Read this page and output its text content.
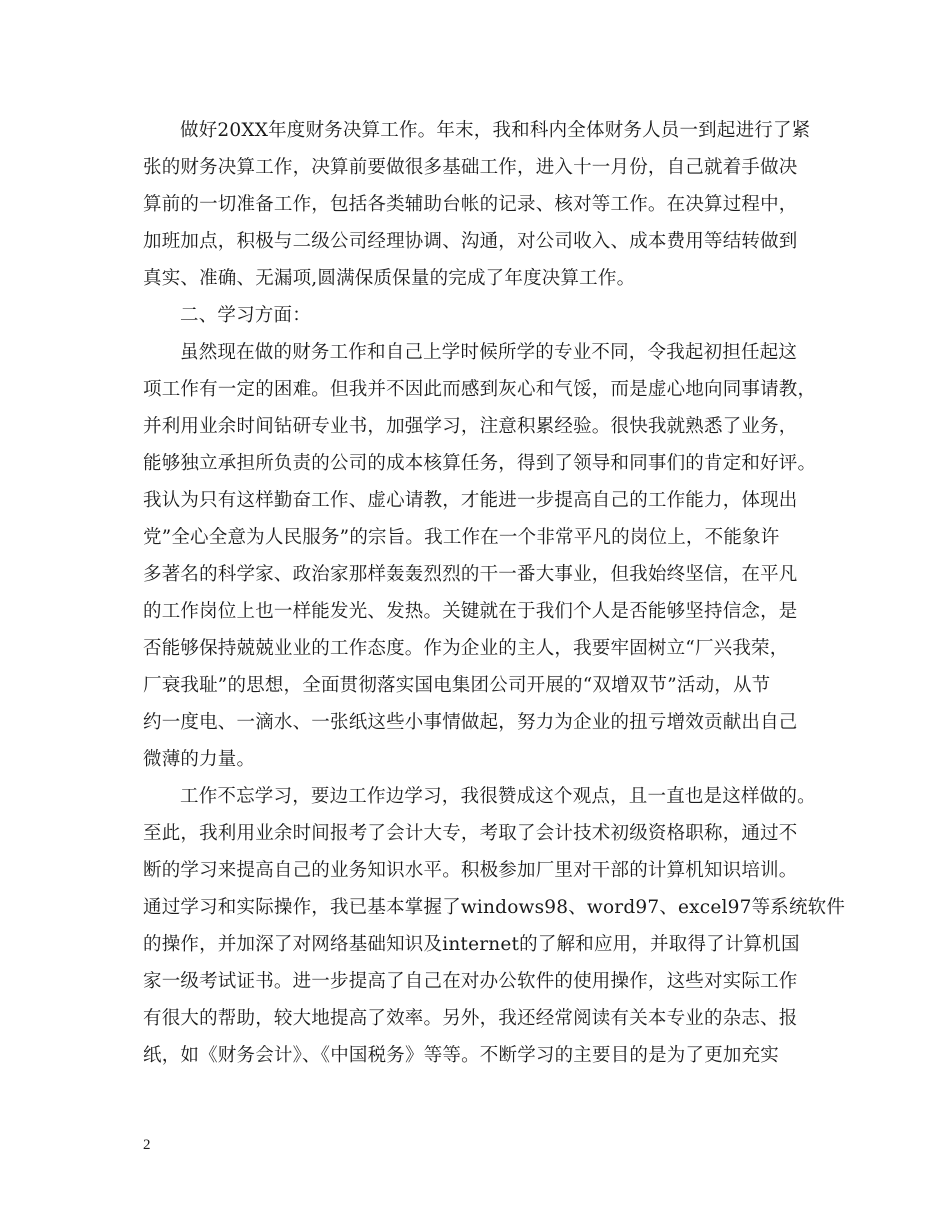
做好20XX年度财务决算工作。年末，我和科内全体财务人员一到起进行了紧
张的财务决算工作，决算前要做很多基础工作，进入十一月份，自己就着手做决
算前的一切准备工作，包括各类辅助台帐的记录、核对等工作。在决算过程中，
加班加点，积极与二级公司经理协调、沟通，对公司收入、成本费用等结转做到
真实、准确、无漏项,圆满保质保量的完成了年度决算工作。
二、学习方面：
虽然现在做的财务工作和自己上学时候所学的专业不同，令我起初担任起这
项工作有一定的困难。但我并不因此而感到灰心和气馁，而是虚心地向同事请教，
并利用业余时间钻研专业书，加强学习，注意积累经验。很快我就熟悉了业务，
能够独立承担所负责的公司的成本核算任务，得到了领导和同事们的肯定和好评。
我认为只有这样勤奋工作、虚心请教，才能进一步提高自己的工作能力，体现出
党”全心全意为人民服务”的宗旨。我工作在一个非常平凡的岗位上，不能象许
多著名的科学家、政治家那样轰轰烈烈的干一番大事业，但我始终坚信，在平凡
的工作岗位上也一样能发光、发热。关键就在于我们个人是否能够坚持信念，是
否能够保持兢兢业业的工作态度。作为企业的主人，我要牢固树立“厂兴我荣，
厂衰我耻”的思想，全面贯彻落实国电集团公司开展的“双增双节”活动，从节
约一度电、一滴水、一张纸这些小事情做起，努力为企业的扭亏增效贡献出自己
微薄的力量。
工作不忘学习，要边工作边学习，我很赞成这个观点，且一直也是这样做的。
至此，我利用业余时间报考了会计大专，考取了会计技术初级资格职称，通过不
断的学习来提高自己的业务知识水平。积极参加厂里对干部的计算机知识培训。
通过学习和实际操作，我已基本掌握了windows98、word97、excel97等系统软件
的操作，并加深了对网络基础知识及internet的了解和应用，并取得了计算机国
家一级考试证书。进一步提高了自己在对办公软件的使用操作，这些对实际工作
有很大的帮助，较大地提高了效率。另外，我还经常阅读有关本专业的杂志、报
纸，如《财务会计》、《中国税务》等等。不断学习的主要目的是为了更加充实
2
